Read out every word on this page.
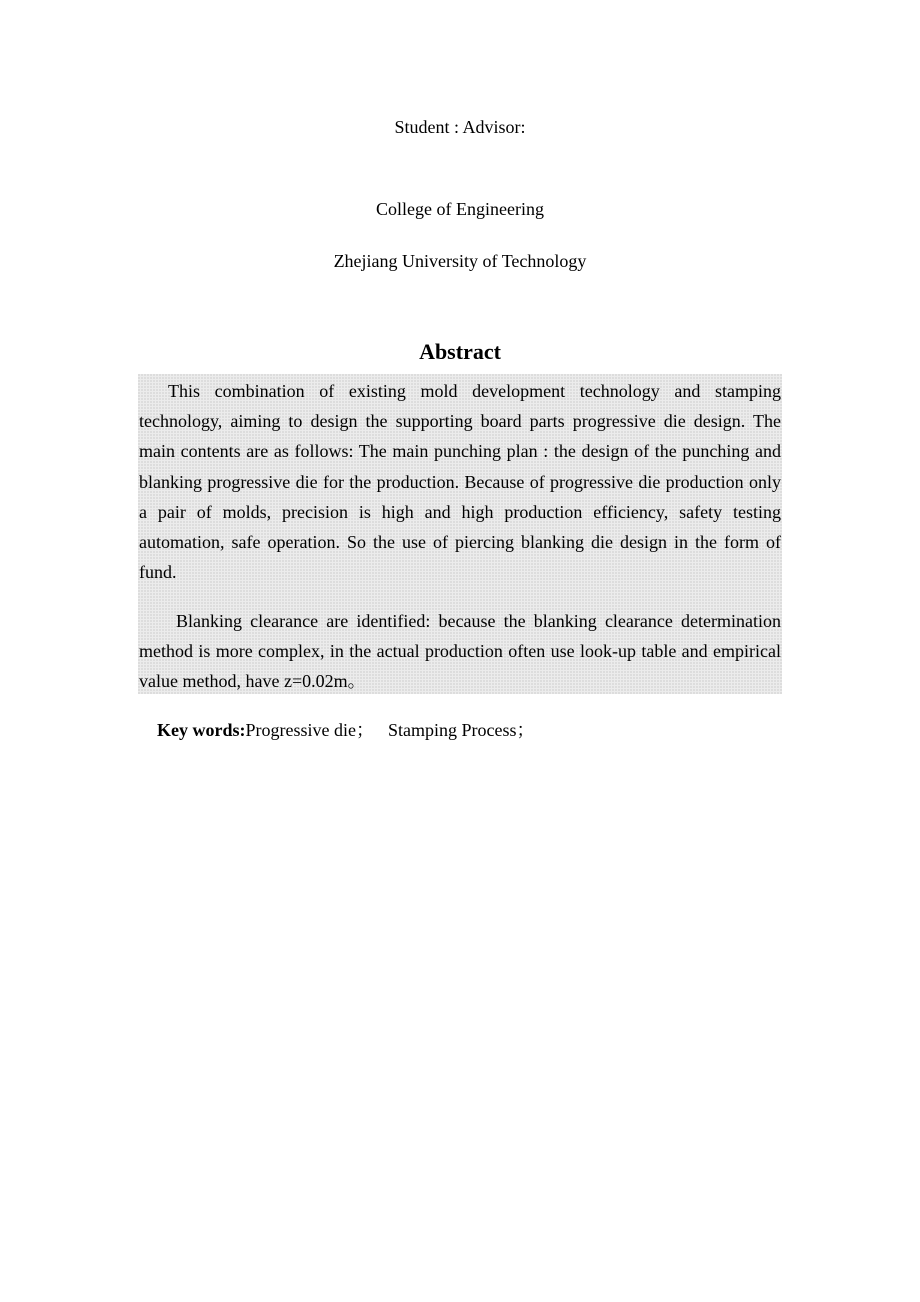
Student : Advisor:
College of Engineering
Zhejiang University of Technology
Abstract

This combination of existing mold development technology and stamping technology, aiming to design the supporting board parts progressive die design. The main contents are as follows: The main punching plan : the design of the punching and blanking progressive die for the production. Because of progressive die production only a pair of molds, precision is high and high production efficiency, safety testing automation, safe operation. So the use of piercing blanking die design in the form of fund.

Blanking clearance are identified: because the blanking clearance determination method is more complex, in the actual production often use look-up table and empirical value method, have z=0.02m。

Key words:Progressive die； Stamping Process；
